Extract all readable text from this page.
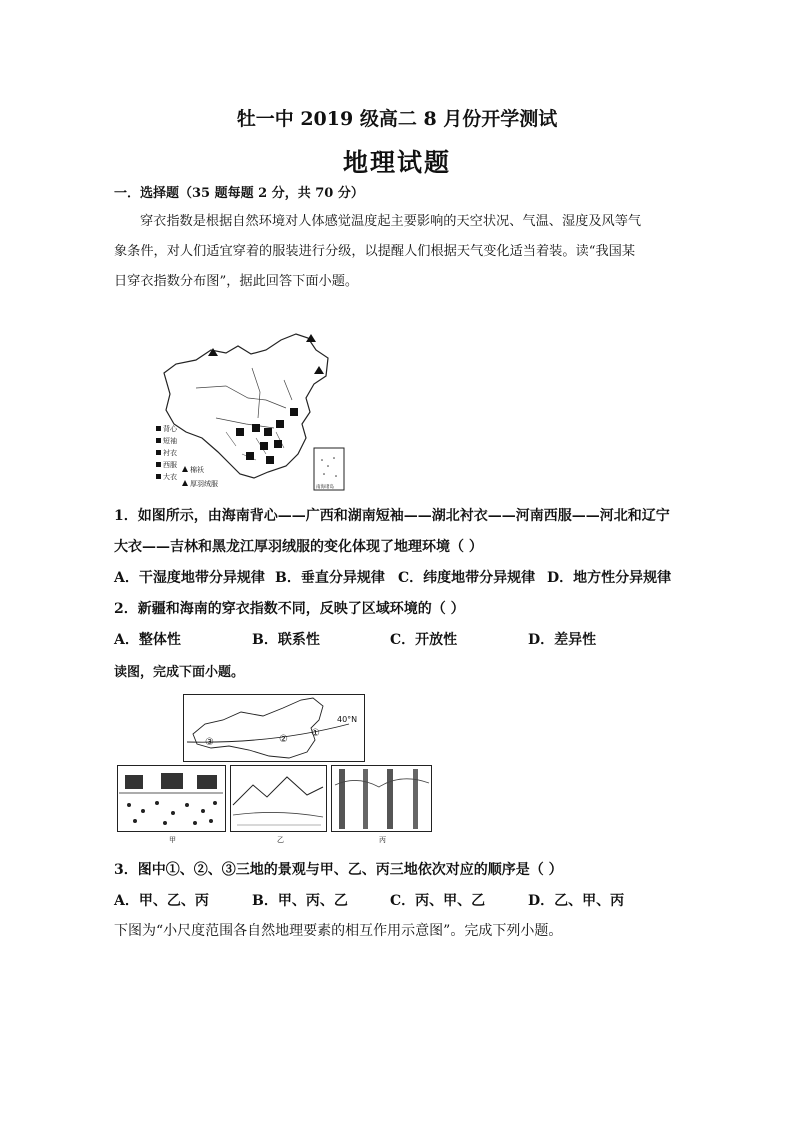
牡一中 2019 级高二 8 月份开学测试
地理试题
一．选择题（35 题每题 2 分，共 70 分）
穿衣指数是根据自然环境对人体感觉温度起主要影响的天空状况、气温、湿度及风等气
象条件，对人们适宜穿着的服装进行分级，以提醒人们根据天气变化适当着装。读“我国某
日穿衣指数分布图”，据此回答下面小题。
背心
短袖
衬衣
西服
大衣
棉袄
厚羽绒服	南海诸岛
1．如图所示，由海南背心——广西和湖南短袖——湖北衬衣——河南西服——河北和辽宁
大衣——吉林和黑龙江厚羽绒服的变化体现了地理环境（ ）
A．干湿度地带分异规律 B．垂直分异规律 C．纬度地带分异规律 D．地方性分异规律
2．新疆和海南的穿衣指数不同，反映了区域环境的（ ）
A．整体性	B．联系性	C．开放性	D．差异性
读图，完成下面小题。
40°N
①
②
③
甲	乙	丙
3．图中①、②、③三地的景观与甲、乙、丙三地依次对应的顺序是（ ）
A．甲、乙、丙	B．甲、丙、乙	C．丙、甲、乙	D．乙、甲、丙
下图为“小尺度范围各自然地理要素的相互作用示意图”。完成下列小题。
